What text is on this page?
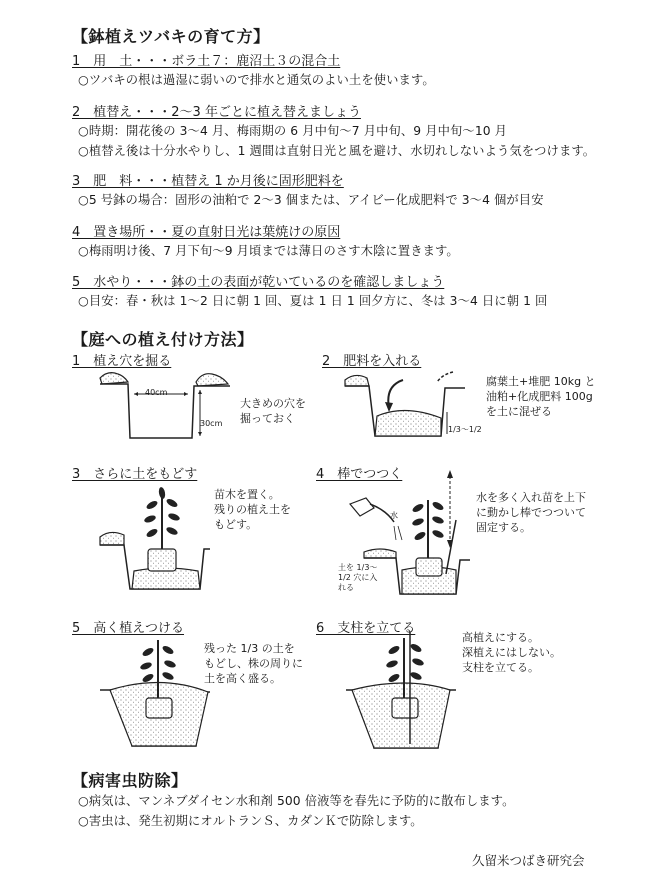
【鉢植えツバキの育て方】
1　用　土・・・ボラ土７：鹿沼土３の混合土
○ツバキの根は過湿に弱いので排水と通気のよい土を使います。
2　植替え・・・2～3 年ごとに植え替えましょう
○時期：開花後の 3～4 月、梅雨期の 6 月中旬～7 月中旬、9 月中旬～10 月
○植替え後は十分水やりし、1 週間は直射日光と風を避け、水切れしないよう気をつけます。
3　肥　料・・・植替え 1 か月後に固形肥料を
○5 号鉢の場合：固形の油粕で 2～3 個または、アイビー化成肥料で 3～4 個が目安
4　置き場所・・夏の直射日光は葉焼けの原因
○梅雨明け後、7 月下旬～9 月頃までは薄日のさす木陰に置きます。
5　水やり・・・鉢の土の表面が乾いているのを確認しましょう
○目安：春・秋は 1～2 日に朝 1 回、夏は 1 日 1 回夕方に、冬は 3～4 日に朝 1 回
【庭への植え付け方法】
1　植え穴を掘る
40cm
30cm
大きめの穴を
掘っておく
2　肥料を入れる
1/3～1/2
腐葉土+堆肥 10kg と
油粕+化成肥料 100g
を土に混ぜる
3　さらに土をもどす
苗木を置く。
残りの植え土を
もどす。
4　棒でつつく
水
土を 1/3～
1/2 穴に入
れる
水を多く入れ苗を上下
に動かし棒でつついて
固定する。
5　高く植えつける
残った 1/3 の土を
もどし、株の周りに
土を高く盛る。
6　支柱を立てる
高植えにする。
深植えにはしない。
支柱を立てる。
【病害虫防除】
○病気は、マンネブダイセン水和剤 500 倍液等を春先に予防的に散布します。
○害虫は、発生初期にオルトランＳ、カダンＫで防除します。
久留米つばき研究会
